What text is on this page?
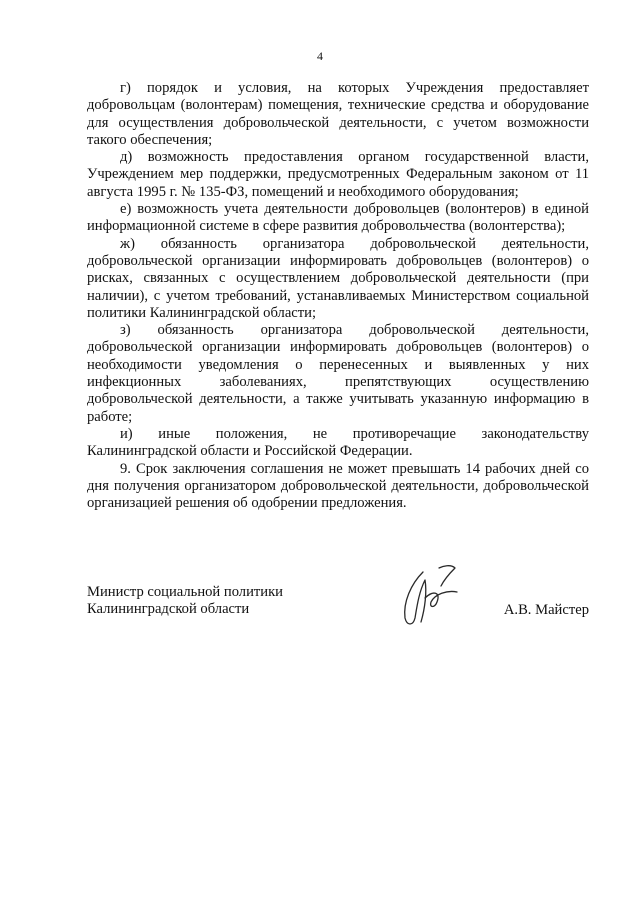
4

г) порядок и условия, на которых Учреждения предоставляет добровольцам (волонтерам) помещения, технические средства и оборудование для осуществления добровольческой деятельности, с учетом возможности такого обеспечения;

д) возможность предоставления органом государственной власти, Учреждением мер поддержки, предусмотренных Федеральным законом от 11 августа 1995 г. № 135-ФЗ, помещений и необходимого оборудования;

е) возможность учета деятельности добровольцев (волонтеров) в единой информационной системе в сфере развития добровольчества (волонтерства);

ж) обязанность организатора добровольческой деятельности, добровольческой организации информировать добровольцев (волонтеров) о рисках, связанных с осуществлением добровольческой деятельности (при наличии), с учетом требований, устанавливаемых Министерством социальной политики Калининградской области;

з) обязанность организатора добровольческой деятельности, добровольческой организации информировать добровольцев (волонтеров) о необходимости уведомления о перенесенных и выявленных у них инфекционных заболеваниях, препятствующих осуществлению добровольческой деятельности, а также учитывать указанную информацию в работе;

и) иные положения, не противоречащие законодательству Калининградской области и Российской Федерации.

9. Срок заключения соглашения не может превышать 14 рабочих дней со дня получения организатором добровольческой деятельности, добровольческой организацией решения об одобрении предложения.

Министр социальной политики
Калининградской области	А.В. Майстер
